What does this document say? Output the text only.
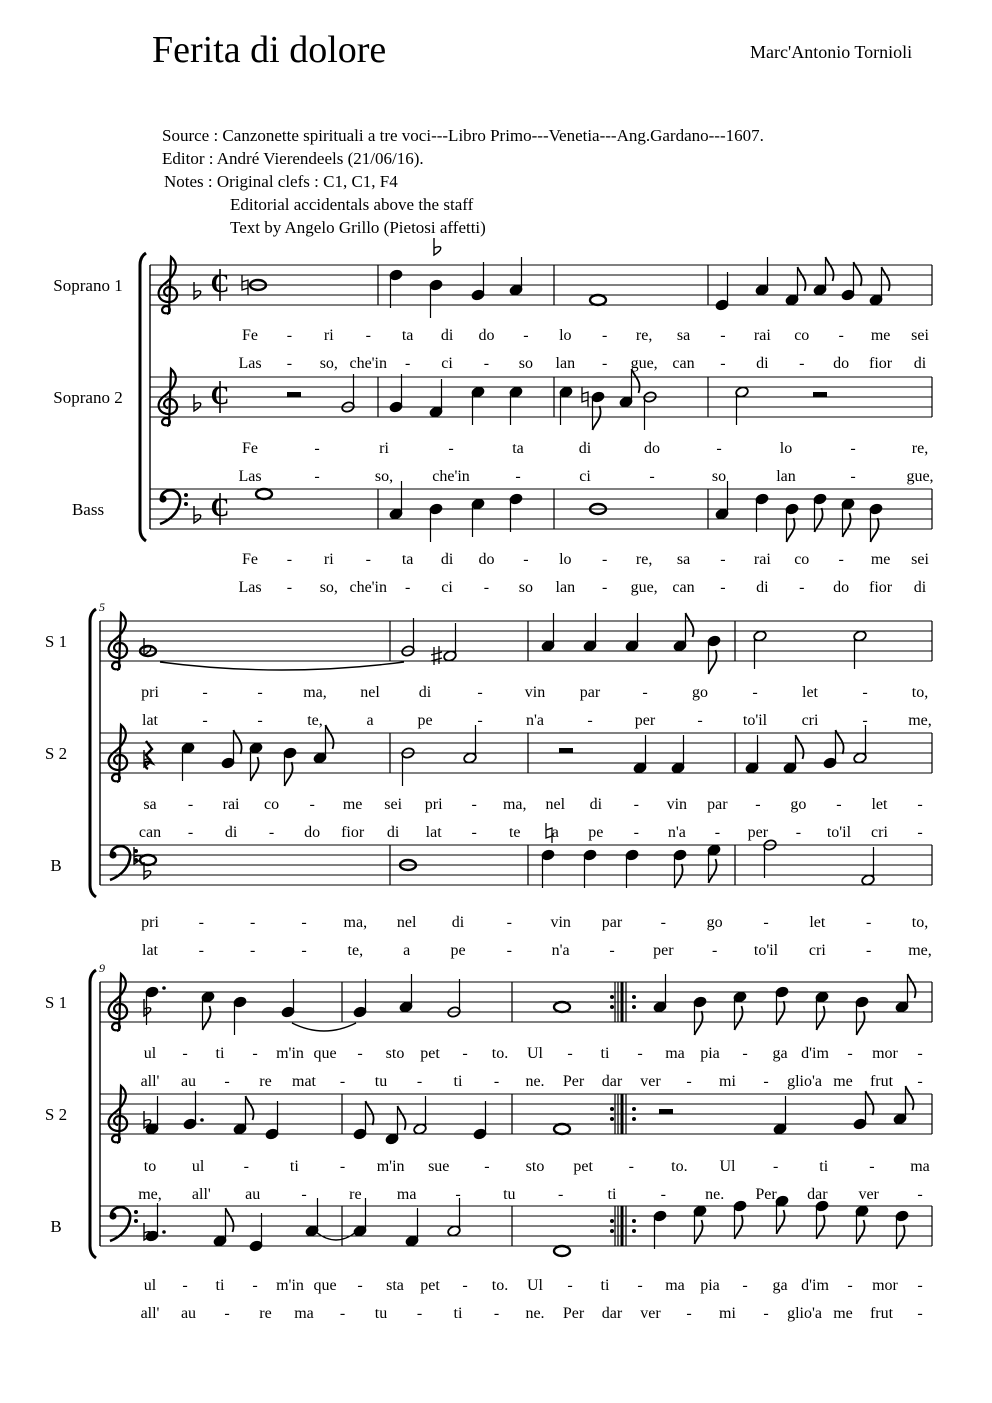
Ferita di dolore	Marc'Antonio Tornioli
Source : Canzonette spirituali a tre voci---Libro Primo---Venetia---Ang.Gardano---1607.
Editor : André Vierendeels (21/06/16).
Notes : Original clefs : C1, C1, F4
Editorial accidentals above the staff
Text by Angelo Grillo (Pietosi affetti)
C
Soprano 1
C
Soprano 2
C
Bass
S 1
S 2
B
5
S 1
S 2
B
9
Fe - ri - ta di do - lo - re, sa - rai co - me sei
Las - so, che'in - ci - so lan - gue, can - di - do fior di
Fe	-	ri	-	ta	di	do	-	lo	-	re,
Las	-	so, che'in	-	ci	-	so	lan	-	gue,
Fe - ri - ta di do - lo - re, sa - rai co - me sei
Las - so, che'in - ci - so lan - gue, can - di - do fior di
pri	-	-	ma, nel di	-	vin par	-	go	-	let	-	to,
lat	-	-	te,	a	pe	-	n'a	-	per	-	to'il cri	-	me,
sa - rai co - me sei pri - ma, nel di - vin par - go - let -
can - di - do fior di lat - te a pe - n'a - per - to'il cri -
pri -	-	- ma, nel di	- vin par -	go	-	let	-	to,
lat	-	-	-	te,	a	pe	- n'a - per - to'il cri	- me,
ul - ti - m'in que - sto pet - to. Ul - ti - ma pia - ga d'im - mor -
all' au - re mat - tu - ti - ne. Per dar ver - mi - glio'a me frut -
to ul -	ti	- m'in sue - sto pet - to. Ul -	ti	- ma
me, all' au	-	re ma -	tu	-	ti	- ne. Per dar ver -
ul - ti - m'in que - sta pet - to. Ul - ti - ma pia - ga d'im - mor -
all' au - re ma - tu - ti - ne. Per dar ver - mi - glio'a me frut -
